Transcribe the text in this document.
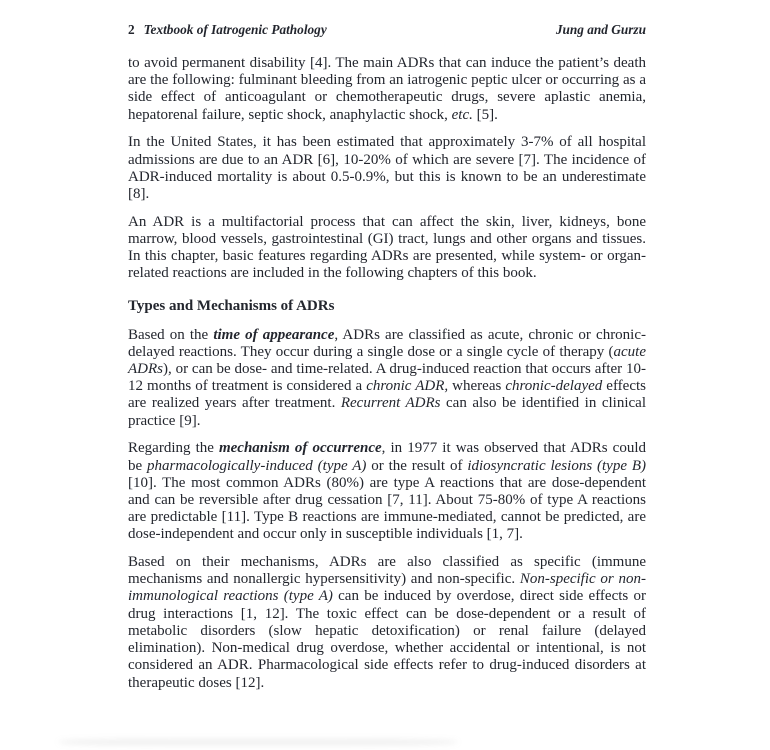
2 Textbook of Iatrogenic Pathology	Jung and Gurzu

to avoid permanent disability [4]. The main ADRs that can induce the patient’s death are the following: fulminant bleeding from an iatrogenic peptic ulcer or occurring as a side effect of anticoagulant or chemotherapeutic drugs, severe aplastic anemia, hepatorenal failure, septic shock, anaphylactic shock, etc. [5].

In the United States, it has been estimated that approximately 3-7% of all hospital admissions are due to an ADR [6], 10-20% of which are severe [7]. The incidence of ADR-induced mortality is about 0.5-0.9%, but this is known to be an underestimate [8].

An ADR is a multifactorial process that can affect the skin, liver, kidneys, bone marrow, blood vessels, gastrointestinal (GI) tract, lungs and other organs and tissues. In this chapter, basic features regarding ADRs are presented, while system- or organ-related reactions are included in the following chapters of this book.

Types and Mechanisms of ADRs

Based on the time of appearance, ADRs are classified as acute, chronic or chronic-delayed reactions. They occur during a single dose or a single cycle of therapy (acute ADRs), or can be dose- and time-related. A drug-induced reaction that occurs after 10-12 months of treatment is considered a chronic ADR, whereas chronic-delayed effects are realized years after treatment. Recurrent ADRs can also be identified in clinical practice [9].

Regarding the mechanism of occurrence, in 1977 it was observed that ADRs could be pharmacologically-induced (type A) or the result of idiosyncratic lesions (type B) [10]. The most common ADRs (80%) are type A reactions that are dose-dependent and can be reversible after drug cessation [7, 11]. About 75-80% of type A reactions are predictable [11]. Type B reactions are immune-mediated, cannot be predicted, are dose-independent and occur only in susceptible individuals [1, 7].

Based on their mechanisms, ADRs are also classified as specific (immune mechanisms and nonallergic hypersensitivity) and non-specific. Non-specific or non-immunological reactions (type A) can be induced by overdose, direct side effects or drug interactions [1, 12]. The toxic effect can be dose-dependent or a result of metabolic disorders (slow hepatic detoxification) or renal failure (delayed elimination). Non-medical drug overdose, whether accidental or intentional, is not considered an ADR. Pharmacological side effects refer to drug-induced disorders at therapeutic doses [12].
